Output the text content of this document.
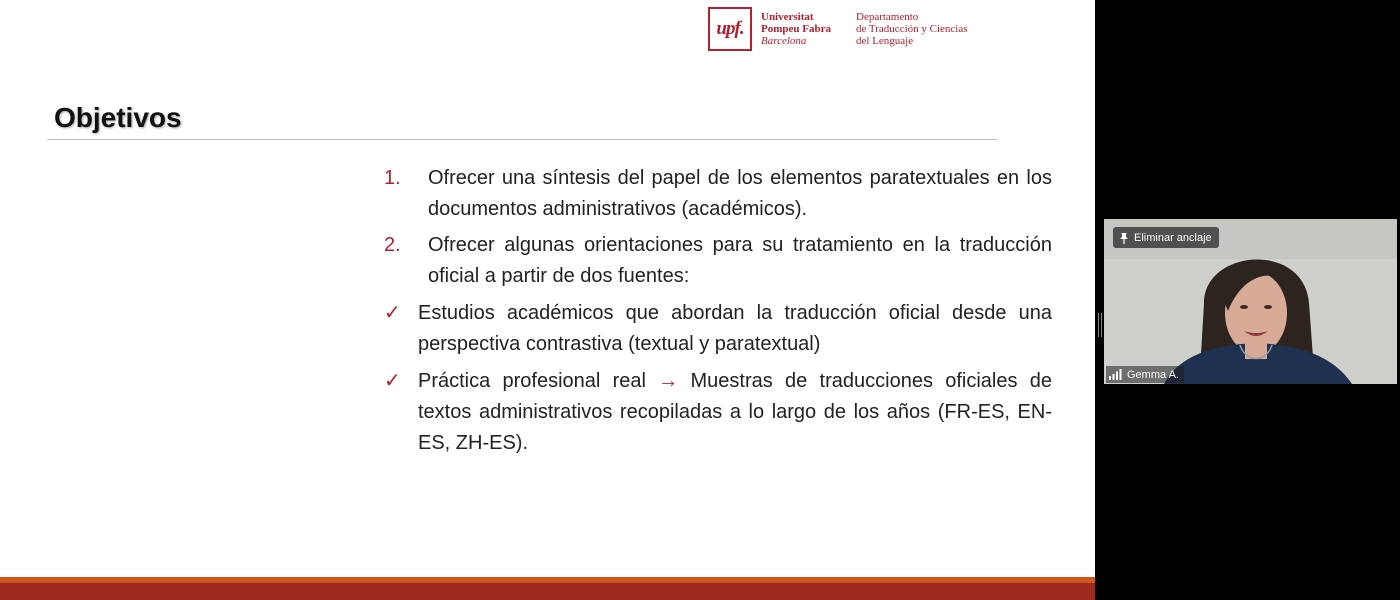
upf.
Universitat
Pompeu Fabra
Barcelona
Departamento
de Traducción y Ciencias
del Lenguaje
Objetivos
1.	Ofrecer una síntesis del papel de los elementos paratextuales en los documentos administrativos (académicos).
2.	Ofrecer algunas orientaciones para su tratamiento en la traducción oficial a partir de dos fuentes:
✓ Estudios académicos que abordan la traducción oficial desde una perspectiva contrastiva (textual y paratextual)
✓ Práctica profesional real → Muestras de traducciones oficiales de textos administrativos recopiladas a lo largo de los años (FR-ES, EN-ES, ZH-ES).
Eliminar anclaje
Gemma A.
